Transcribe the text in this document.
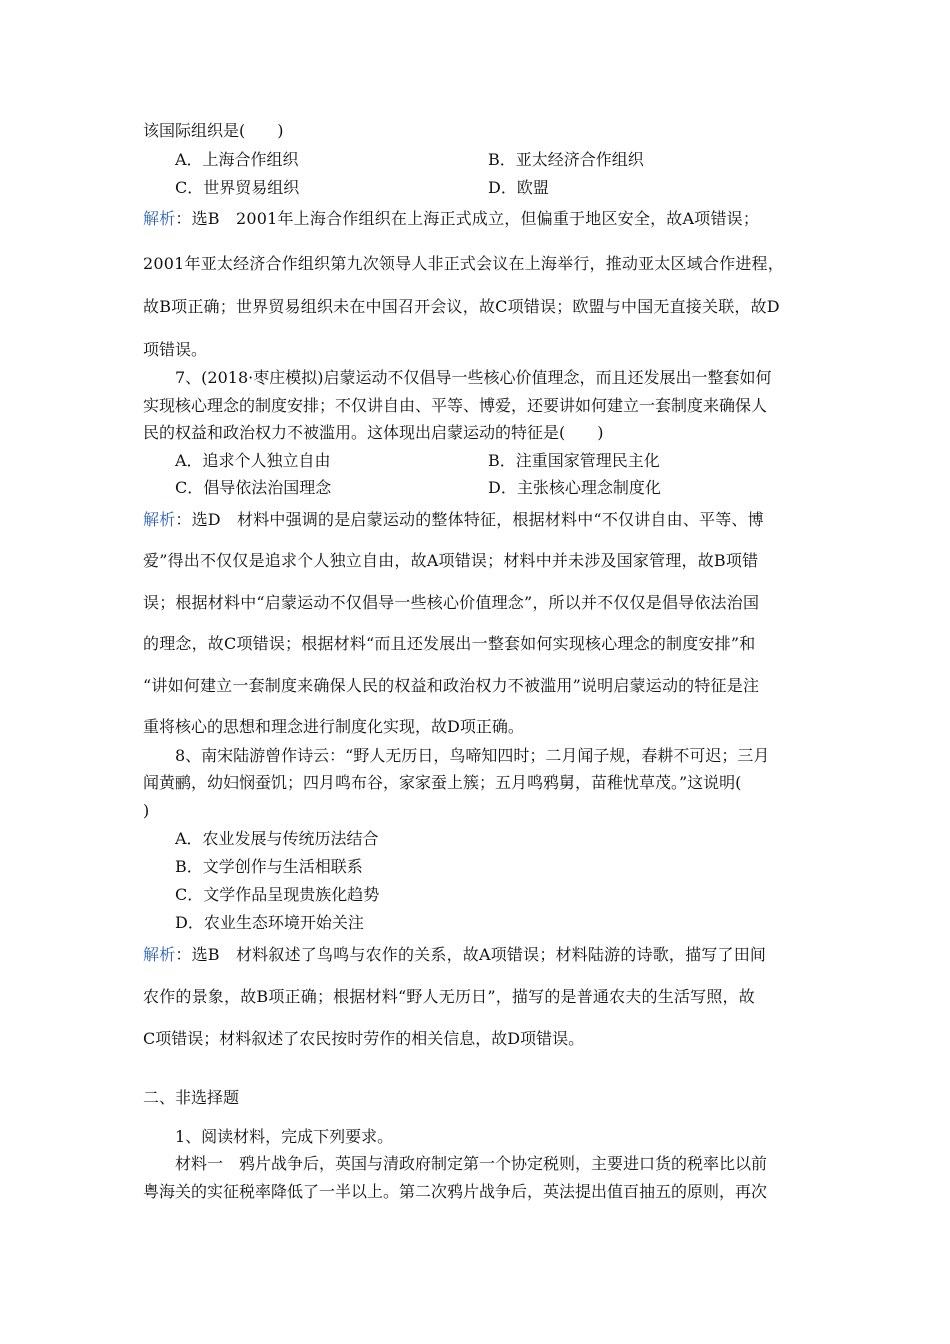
该国际组织是(　　)
A．上海合作组织	B．亚太经济合作组织
C．世界贸易组织	D．欧盟
解析：选B　2001年上海合作组织在上海正式成立，但偏重于地区安全，故A项错误；
2001年亚太经济合作组织第九次领导人非正式会议在上海举行，推动亚太区域合作进程，
故B项正确；世界贸易组织未在中国召开会议，故C项错误；欧盟与中国无直接关联，故D
项错误。
7、(2018·枣庄模拟)启蒙运动不仅倡导一些核心价值理念，而且还发展出一整套如何
实现核心理念的制度安排；不仅讲自由、平等、博爱，还要讲如何建立一套制度来确保人
民的权益和政治权力不被滥用。这体现出启蒙运动的特征是(　　)
A．追求个人独立自由	B．注重国家管理民主化
C．倡导依法治国理念	D．主张核心理念制度化
解析：选D　材料中强调的是启蒙运动的整体特征，根据材料中“不仅讲自由、平等、博
爱”得出不仅仅是追求个人独立自由，故A项错误；材料中并未涉及国家管理，故B项错
误；根据材料中“启蒙运动不仅倡导一些核心价值理念”，所以并不仅仅是倡导依法治国
的理念，故C项错误；根据材料“而且还发展出一整套如何实现核心理念的制度安排”和
“讲如何建立一套制度来确保人民的权益和政治权力不被滥用”说明启蒙运动的特征是注
重将核心的思想和理念进行制度化实现，故D项正确。
8、南宋陆游曾作诗云：“野人无历日，鸟啼知四时；二月闻子规，春耕不可迟；三月
闻黄鹂，幼妇悯蚕饥；四月鸣布谷，家家蚕上簇；五月鸣鸦舅，苗稚忧草茂。”这说明(
)
A．农业发展与传统历法结合
B．文学创作与生活相联系
C．文学作品呈现贵族化趋势
D．农业生态环境开始关注
解析：选B　材料叙述了鸟鸣与农作的关系，故A项错误；材料陆游的诗歌，描写了田间
农作的景象，故B项正确；根据材料“野人无历日”，描写的是普通农夫的生活写照，故
C项错误；材料叙述了农民按时劳作的相关信息，故D项错误。
二、非选择题
1、阅读材料，完成下列要求。
材料一　鸦片战争后，英国与清政府制定第一个协定税则，主要进口货的税率比以前
粤海关的实征税率降低了一半以上。第二次鸦片战争后，英法提出值百抽五的原则，再次
